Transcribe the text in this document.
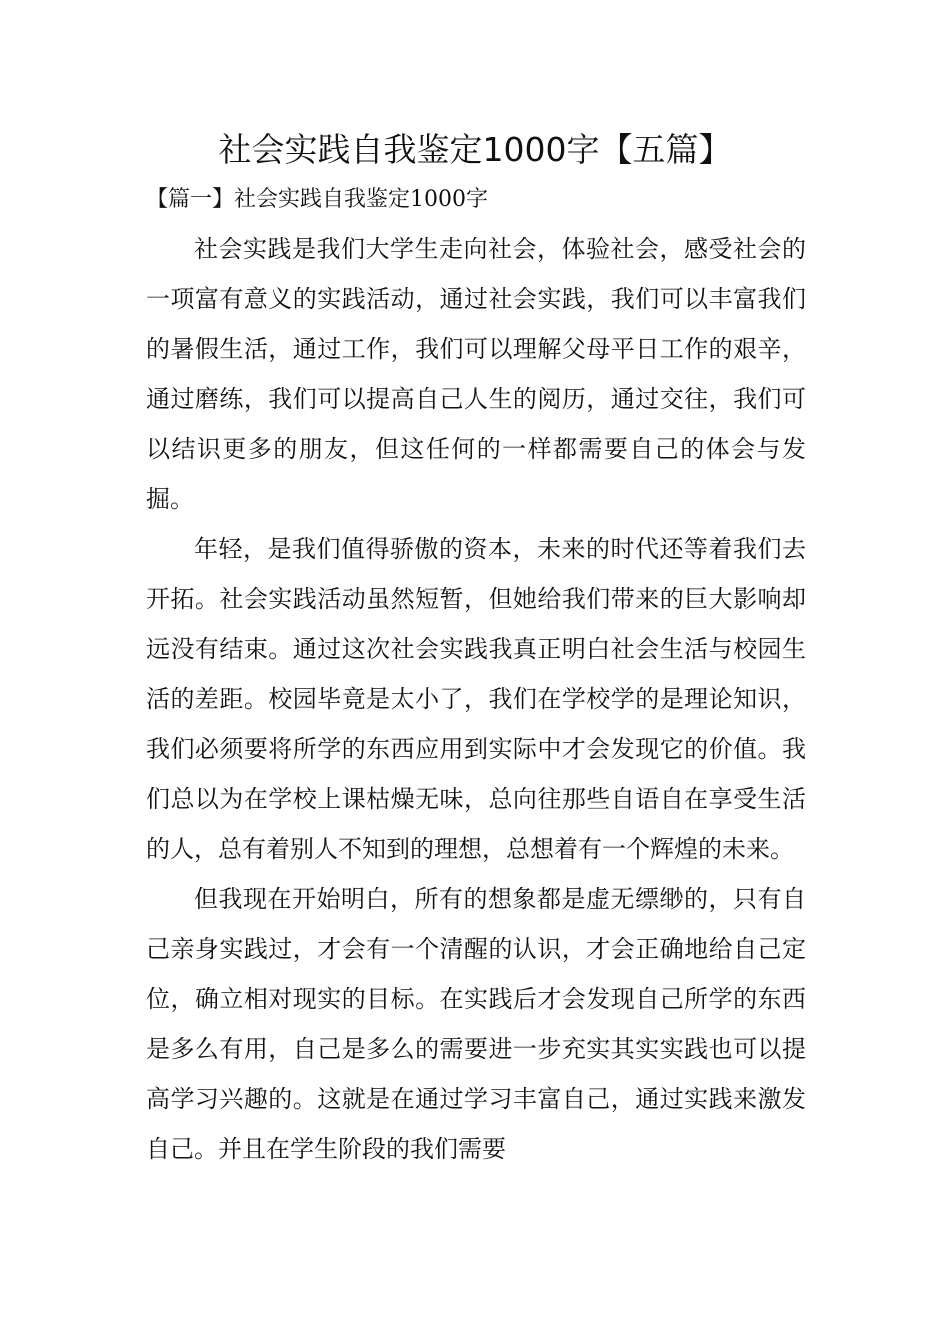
社会实践自我鉴定1000字【五篇】
【篇一】社会实践自我鉴定1000字

社会实践是我们大学生走向社会，体验社会，感受社会的一项富有意义的实践活动，通过社会实践，我们可以丰富我们的暑假生活，通过工作，我们可以理解父母平日工作的艰辛，通过磨练，我们可以提高自己人生的阅历，通过交往，我们可以结识更多的朋友，但这任何的一样都需要自己的体会与发掘。

年轻，是我们值得骄傲的资本，未来的时代还等着我们去开拓。社会实践活动虽然短暂，但她给我们带来的巨大影响却远没有结束。通过这次社会实践我真正明白社会生活与校园生活的差距。校园毕竟是太小了，我们在学校学的是理论知识，我们必须要将所学的东西应用到实际中才会发现它的价值。我们总以为在学校上课枯燥无味，总向往那些自语自在享受生活的人，总有着别人不知到的理想，总想着有一个辉煌的未来。

但我现在开始明白，所有的想象都是虚无缥缈的，只有自己亲身实践过，才会有一个清醒的认识，才会正确地给自己定位，确立相对现实的目标。在实践后才会发现自己所学的东西是多么有用，自己是多么的需要进一步充实其实实践也可以提高学习兴趣的。这就是在通过学习丰富自己，通过实践来激发自己。并且在学生阶段的我们需要
